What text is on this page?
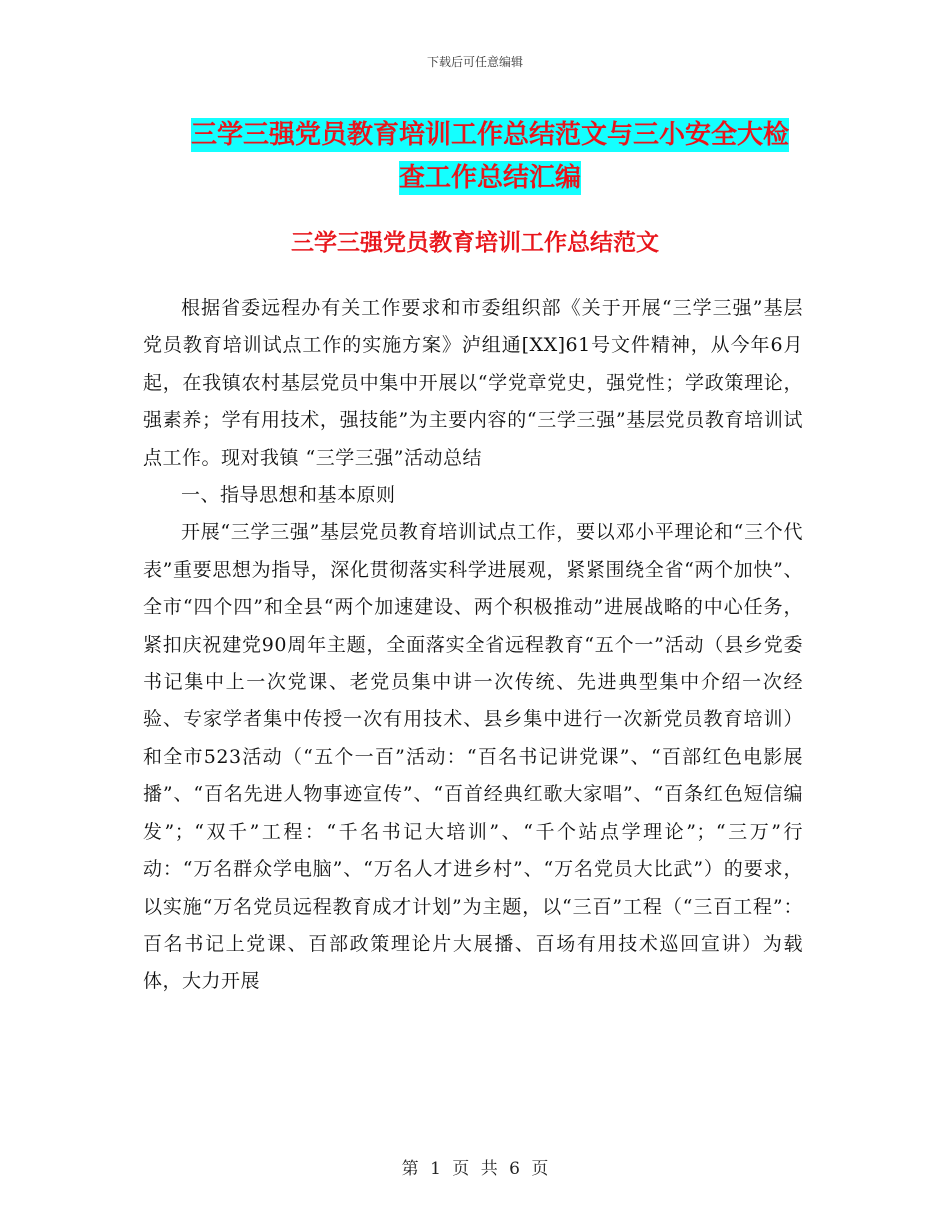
下载后可任意编辑
三学三强党员教育培训工作总结范文与三小安全大检
查工作总结汇编
三学三强党员教育培训工作总结范文

根据省委远程办有关工作要求和市委组织部《关于开展“三学三强”基层党员教育培训试点工作的实施方案》泸组通[XX]61号文件精神，从今年6月起，在我镇农村基层党员中集中开展以“学党章党史，强党性；学政策理论，强素养；学有用技术，强技能”为主要内容的“三学三强”基层党员教育培训试点工作。现对我镇 “三学三强”活动总结

一、指导思想和基本原则

开展“三学三强”基层党员教育培训试点工作，要以邓小平理论和“三个代表”重要思想为指导，深化贯彻落实科学进展观，紧紧围绕全省“两个加快”、全市“四个四”和全县“两个加速建设、两个积极推动”进展战略的中心任务，紧扣庆祝建党90周年主题，全面落实全省远程教育“五个一”活动（县乡党委书记集中上一次党课、老党员集中讲一次传统、先进典型集中介绍一次经验、专家学者集中传授一次有用技术、县乡集中进行一次新党员教育培训）和全市523活动（“五个一百”活动：“百名书记讲党课”、“百部红色电影展播”、“百名先进人物事迹宣传”、“百首经典红歌大家唱”、“百条红色短信编发”；“双千”工程：“千名书记大培训”、“千个站点学理论”；“三万”行动：“万名群众学电脑”、“万名人才进乡村”、“万名党员大比武”）的要求，以实施“万名党员远程教育成才计划”为主题，以“三百”工程（“三百工程”：百名书记上党课、百部政策理论片大展播、百场有用技术巡回宣讲）为载体，大力开展

第 1 页 共 6 页
